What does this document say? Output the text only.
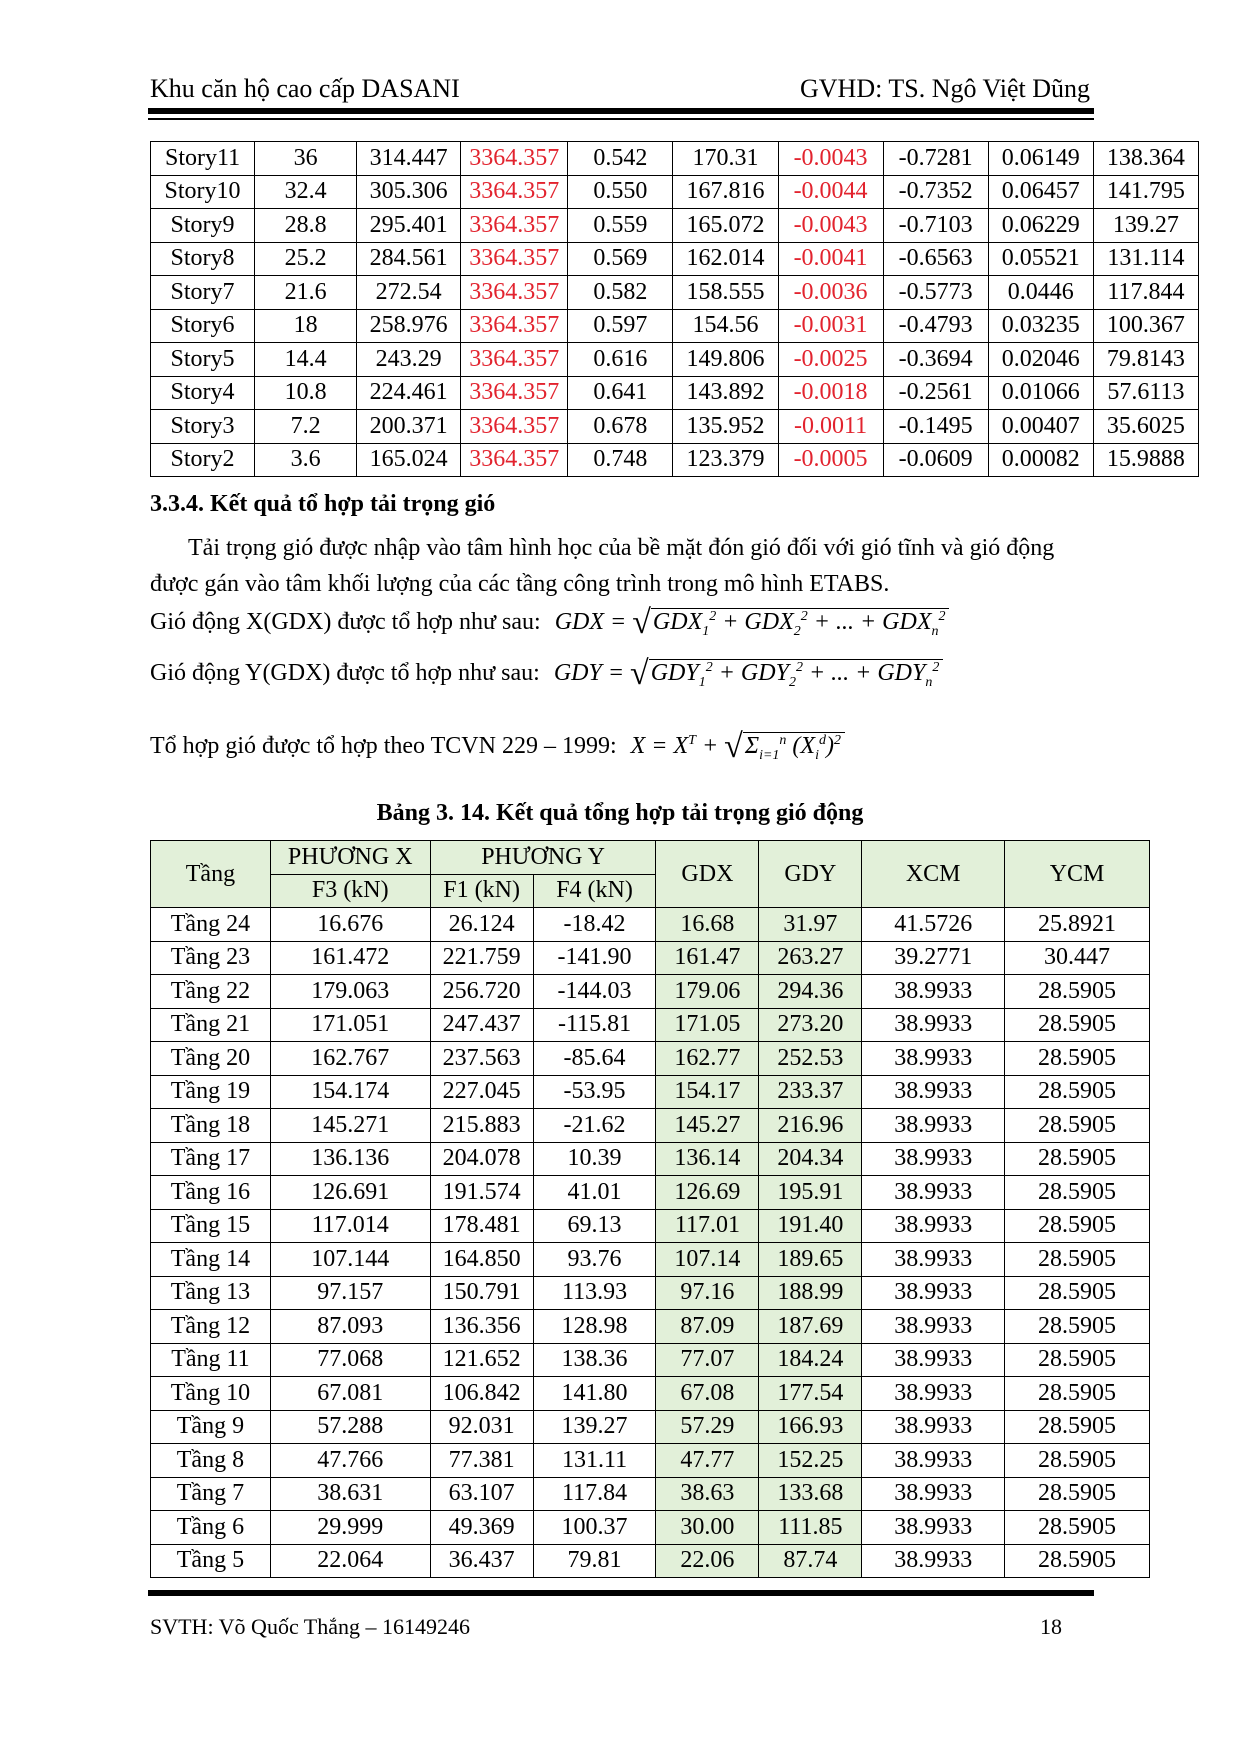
Khu căn hộ cao cấp DASANI	GVHD: TS. Ngô Việt Dũng
Story11	36	314.447	3364.357	0.542	170.31	-0.0043	-0.7281	0.06149	138.364
Story10	32.4	305.306	3364.357	0.550	167.816	-0.0044	-0.7352	0.06457	141.795
Story9	28.8	295.401	3364.357	0.559	165.072	-0.0043	-0.7103	0.06229	139.27
Story8	25.2	284.561	3364.357	0.569	162.014	-0.0041	-0.6563	0.05521	131.114
Story7	21.6	272.54	3364.357	0.582	158.555	-0.0036	-0.5773	0.0446	117.844
Story6	18	258.976	3364.357	0.597	154.56	-0.0031	-0.4793	0.03235	100.367
Story5	14.4	243.29	3364.357	0.616	149.806	-0.0025	-0.3694	0.02046	79.8143
Story4	10.8	224.461	3364.357	0.641	143.892	-0.0018	-0.2561	0.01066	57.6113
Story3	7.2	200.371	3364.357	0.678	135.952	-0.0011	-0.1495	0.00407	35.6025
Story2	3.6	165.024	3364.357	0.748	123.379	-0.0005	-0.0609	0.00082	15.9888
3.3.4. Kết quả tổ hợp tải trọng gió
Tải trọng gió được nhập vào tâm hình học của bề mặt đón gió đối với gió tĩnh và gió động được gán vào tâm khối lượng của các tầng công trình trong mô hình ETABS.
Gió động X(GDX) được tổ hợp như sau: GDX = $√GDX_1^2 + GDX_2^2$ + ... + $GDX_n^2$
Gió động Y(GDX) được tổ hợp như sau: GDY = $√GDY_1^2 + GDY_2^2$ + ... + $GDY_n^2$
Tổ hợp gió được tổ hợp theo TCVN 229 – 1999: $X = X^T + √\Sigma_{i=1}^n$ $(X_i^d)^2$
Bảng 3. 14. Kết quả tổng hợp tải trọng gió động
Tầng	PHƯƠNG X	PHƯƠNG Y		GDX	GDY	XCM	YCM
	F3 (kN)	F1 (kN)	F4 (kN)				
Tầng 24	16.676	26.124	-18.42	16.68	31.97	41.5726	25.8921
Tầng 23	161.472	221.759	-141.90	161.47	263.27	39.2771	30.447
Tầng 22	179.063	256.720	-144.03	179.06	294.36	38.9933	28.5905
Tầng 21	171.051	247.437	-115.81	171.05	273.20	38.9933	28.5905
Tầng 20	162.767	237.563	-85.64	162.77	252.53	38.9933	28.5905
Tầng 19	154.174	227.045	-53.95	154.17	233.37	38.9933	28.5905
Tầng 18	145.271	215.883	-21.62	145.27	216.96	38.9933	28.5905
Tầng 17	136.136	204.078	10.39	136.14	204.34	38.9933	28.5905
Tầng 16	126.691	191.574	41.01	126.69	195.91	38.9933	28.5905
Tầng 15	117.014	178.481	69.13	117.01	191.40	38.9933	28.5905
Tầng 14	107.144	164.850	93.76	107.14	189.65	38.9933	28.5905
Tầng 13	97.157	150.791	113.93	97.16	188.99	38.9933	28.5905
Tầng 12	87.093	136.356	128.98	87.09	187.69	38.9933	28.5905
Tầng 11	77.068	121.652	138.36	77.07	184.24	38.9933	28.5905
Tầng 10	67.081	106.842	141.80	67.08	177.54	38.9933	28.5905
Tầng 9	57.288	92.031	139.27	57.29	166.93	38.9933	28.5905
Tầng 8	47.766	77.381	131.11	47.77	152.25	38.9933	28.5905
Tầng 7	38.631	63.107	117.84	38.63	133.68	38.9933	28.5905
Tầng 6	29.999	49.369	100.37	30.00	111.85	38.9933	28.5905
Tầng 5	22.064	36.437	79.81	22.06	87.74	38.9933	28.5905
SVTH: Võ Quốc Thắng – 16149246	18
